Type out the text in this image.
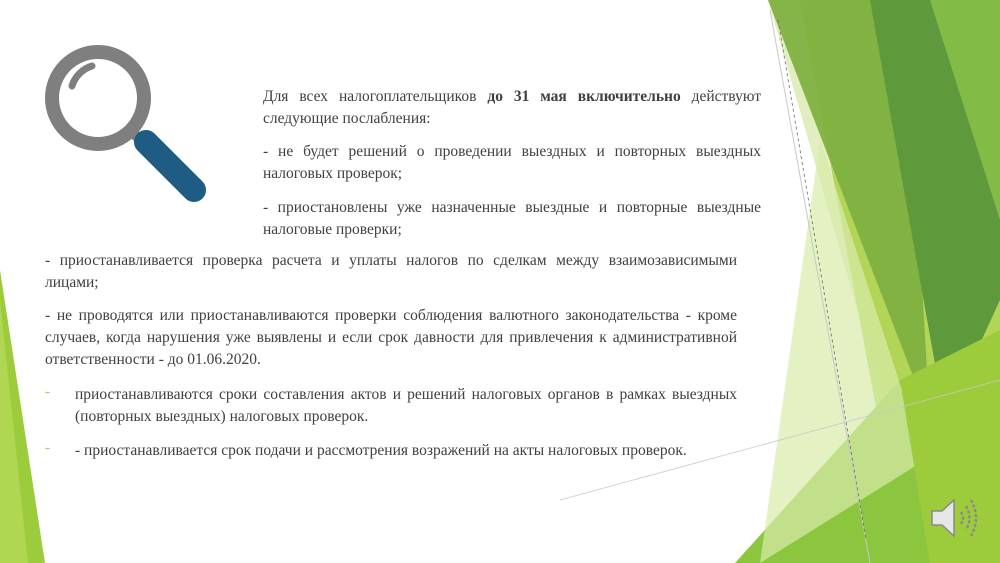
Для всех налогоплательщиков до 31 мая включительно действуют следующие послабления:
- не будет решений о проведении выездных и повторных выездных налоговых проверок;
- приостановлены уже назначенные выездные и повторные выездные налоговые проверки;
- приостанавливается проверка расчета и уплаты налогов по сделкам между взаимозависимыми лицами;
- не проводятся или приостанавливаются проверки соблюдения валютного законодательства - кроме случаев, когда нарушения уже выявлены и если срок давности для привлечения к административной ответственности - до 01.06.2020.
- приостанавливаются сроки составления актов и решений налоговых органов в рамках выездных (повторных выездных) налоговых проверок.
- - приостанавливается срок подачи и рассмотрения возражений на акты налоговых проверок.
